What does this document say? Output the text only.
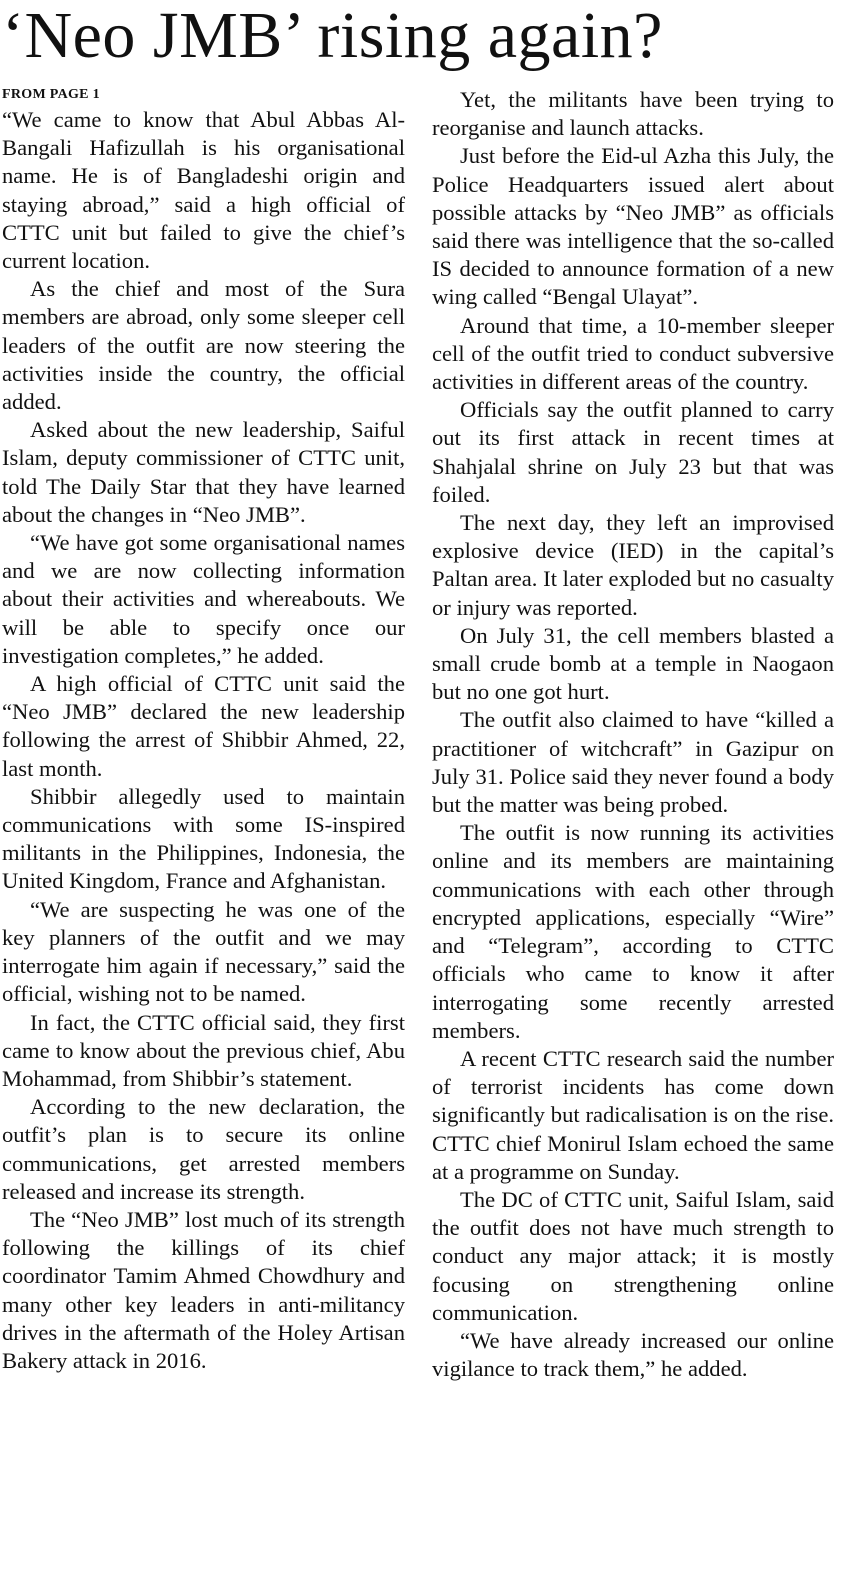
‘Neo JMB’ rising again?
FROM PAGE 1

“We came to know that Abul Abbas Al-Bangali Hafizullah is his organisational name. He is of Bangladeshi origin and staying abroad,” said a high official of CTTC unit but failed to give the chief’s current location.

As the chief and most of the Sura members are abroad, only some sleeper cell leaders of the outfit are now steering the activities inside the country, the official added.

Asked about the new leadership, Saiful Islam, deputy commissioner of CTTC unit, told The Daily Star that they have learned about the changes in “Neo JMB”.

“We have got some organisational names and we are now collecting information about their activities and whereabouts. We will be able to specify once our investigation completes,” he added.

A high official of CTTC unit said the “Neo JMB” declared the new leadership following the arrest of Shibbir Ahmed, 22, last month.

Shibbir allegedly used to maintain communications with some IS-inspired militants in the Philippines, Indonesia, the United Kingdom, France and Afghanistan.

“We are suspecting he was one of the key planners of the outfit and we may interrogate him again if necessary,” said the official, wishing not to be named.

In fact, the CTTC official said, they first came to know about the previous chief, Abu Mohammad, from Shibbir’s statement.

According to the new declaration, the outfit’s plan is to secure its online communications, get arrested members released and increase its strength.

The “Neo JMB” lost much of its strength following the killings of its chief coordinator Tamim Ahmed Chowdhury and many other key leaders in anti-militancy drives in the aftermath of the Holey Artisan Bakery attack in 2016.

Yet, the militants have been trying to reorganise and launch attacks.

Just before the Eid-ul Azha this July, the Police Headquarters issued alert about possible attacks by “Neo JMB” as officials said there was intelligence that the so-called IS decided to announce formation of a new wing called “Bengal Ulayat”.

Around that time, a 10-member sleeper cell of the outfit tried to conduct subversive activities in different areas of the country.

Officials say the outfit planned to carry out its first attack in recent times at Shahjalal shrine on July 23 but that was foiled.

The next day, they left an improvised explosive device (IED) in the capital’s Paltan area. It later exploded but no casualty or injury was reported.

On July 31, the cell members blasted a small crude bomb at a temple in Naogaon but no one got hurt.

The outfit also claimed to have “killed a practitioner of witchcraft” in Gazipur on July 31. Police said they never found a body but the matter was being probed.

The outfit is now running its activities online and its members are maintaining communications with each other through encrypted applications, especially “Wire” and “Telegram”, according to CTTC officials who came to know it after interrogating some recently arrested members.

A recent CTTC research said the number of terrorist incidents has come down significantly but radicalisation is on the rise. CTTC chief Monirul Islam echoed the same at a programme on Sunday.

The DC of CTTC unit, Saiful Islam, said the outfit does not have much strength to conduct any major attack; it is mostly focusing on strengthening online communication.

“We have already increased our online vigilance to track them,” he added.
